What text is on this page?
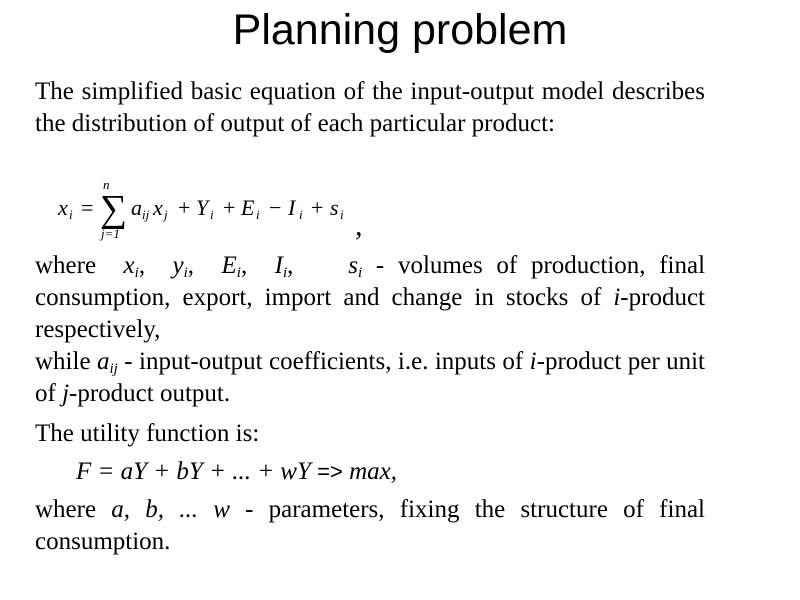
Planning problem

The simplified basic equation of the input-output model describes the distribution of output of each particular product:

x i =
n
∑
j=1
a ij x j + Y i + E i − I i + s i ,

where $x_i$, $y_i$, $E_i$, $I_i$, $s_i$ - volumes of production, final consumption, export, import and change in stocks of i-product respectively,

while $a_{ij}$ - input-output coefficients, i.e. inputs of i-product per unit of j-product output.

The utility function is:

F = aY + bY + ... + wY => max,

where a, b, ... w - parameters, fixing the structure of final consumption.
